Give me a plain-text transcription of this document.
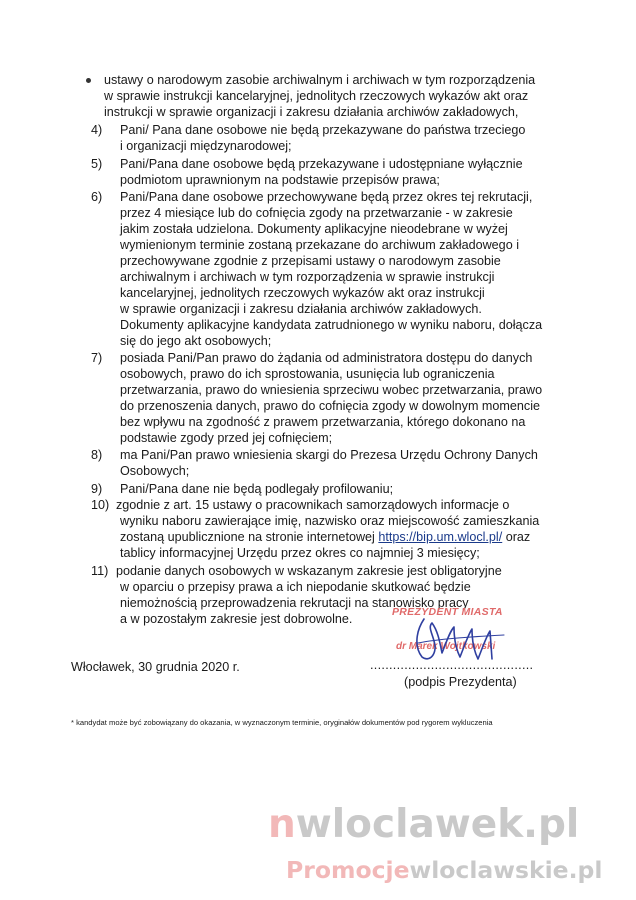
ustawy o narodowym zasobie archiwalnym i archiwach w tym rozporządzenia
w sprawie instrukcji kancelaryjnej, jednolitych rzeczowych wykazów akt oraz
instrukcji w sprawie organizacji i zakresu działania archiwów zakładowych,
4) Pani/ Pana dane osobowe nie będą przekazywane do państwa trzeciego
i organizacji międzynarodowej;
5) Pani/Pana dane osobowe będą przekazywane i udostępniane wyłącznie
podmiotom uprawnionym na podstawie przepisów prawa;
6) Pani/Pana dane osobowe przechowywane będą przez okres tej rekrutacji,
przez 4 miesiące lub do cofnięcia zgody na przetwarzanie - w zakresie
jakim została udzielona. Dokumenty aplikacyjne nieodebrane w wyżej
wymienionym terminie zostaną przekazane do archiwum zakładowego i
przechowywane zgodnie z przepisami ustawy o narodowym zasobie
archiwalnym i archiwach w tym rozporządzenia w sprawie instrukcji
kancelaryjnej, jednolitych rzeczowych wykazów akt oraz instrukcji
w sprawie organizacji i zakresu działania archiwów zakładowych.
Dokumenty aplikacyjne kandydata zatrudnionego w wyniku naboru, dołącza
się do jego akt osobowych;
7) posiada Pani/Pan prawo do żądania od administratora dostępu do danych
osobowych, prawo do ich sprostowania, usunięcia lub ograniczenia
przetwarzania, prawo do wniesienia sprzeciwu wobec przetwarzania, prawo
do przenoszenia danych, prawo do cofnięcia zgody w dowolnym momencie
bez wpływu na zgodność z prawem przetwarzania, którego dokonano na
podstawie zgody przed jej cofnięciem;
8) ma Pani/Pan prawo wniesienia skargi do Prezesa Urzędu Ochrony Danych
Osobowych;
9) Pani/Pana dane nie będą podlegały profilowaniu;
10) zgodnie z art. 15 ustawy o pracownikach samorządowych informacje o
wyniku naboru zawierające imię, nazwisko oraz miejscowość zamieszkania
zostaną upublicznione na stronie internetowej https://bip.um.wlocl.pl/ oraz
tablicy informacyjnej Urzędu przez okres co najmniej 3 miesięcy;
11) podanie danych osobowych w wskazanym zakresie jest obligatoryjne
w oparciu o przepisy prawa a ich niepodanie skutkować będzie
niemożnością przeprowadzenia rekrutacji na stanowisko pracy
a w pozostałym zakresie jest dobrowolne.	PREZYDENT MIASTA
dr Marek Wojtkowski
Włocławek, 30 grudnia 2020 r.	...........................................
(podpis Prezydenta)
* kandydat może być zobowiązany do okazania, w wyznaczonym terminie, oryginałów dokumentów pod rygorem wykluczenia
nwloclawek.pl
Promocjewloclawskie.pl
